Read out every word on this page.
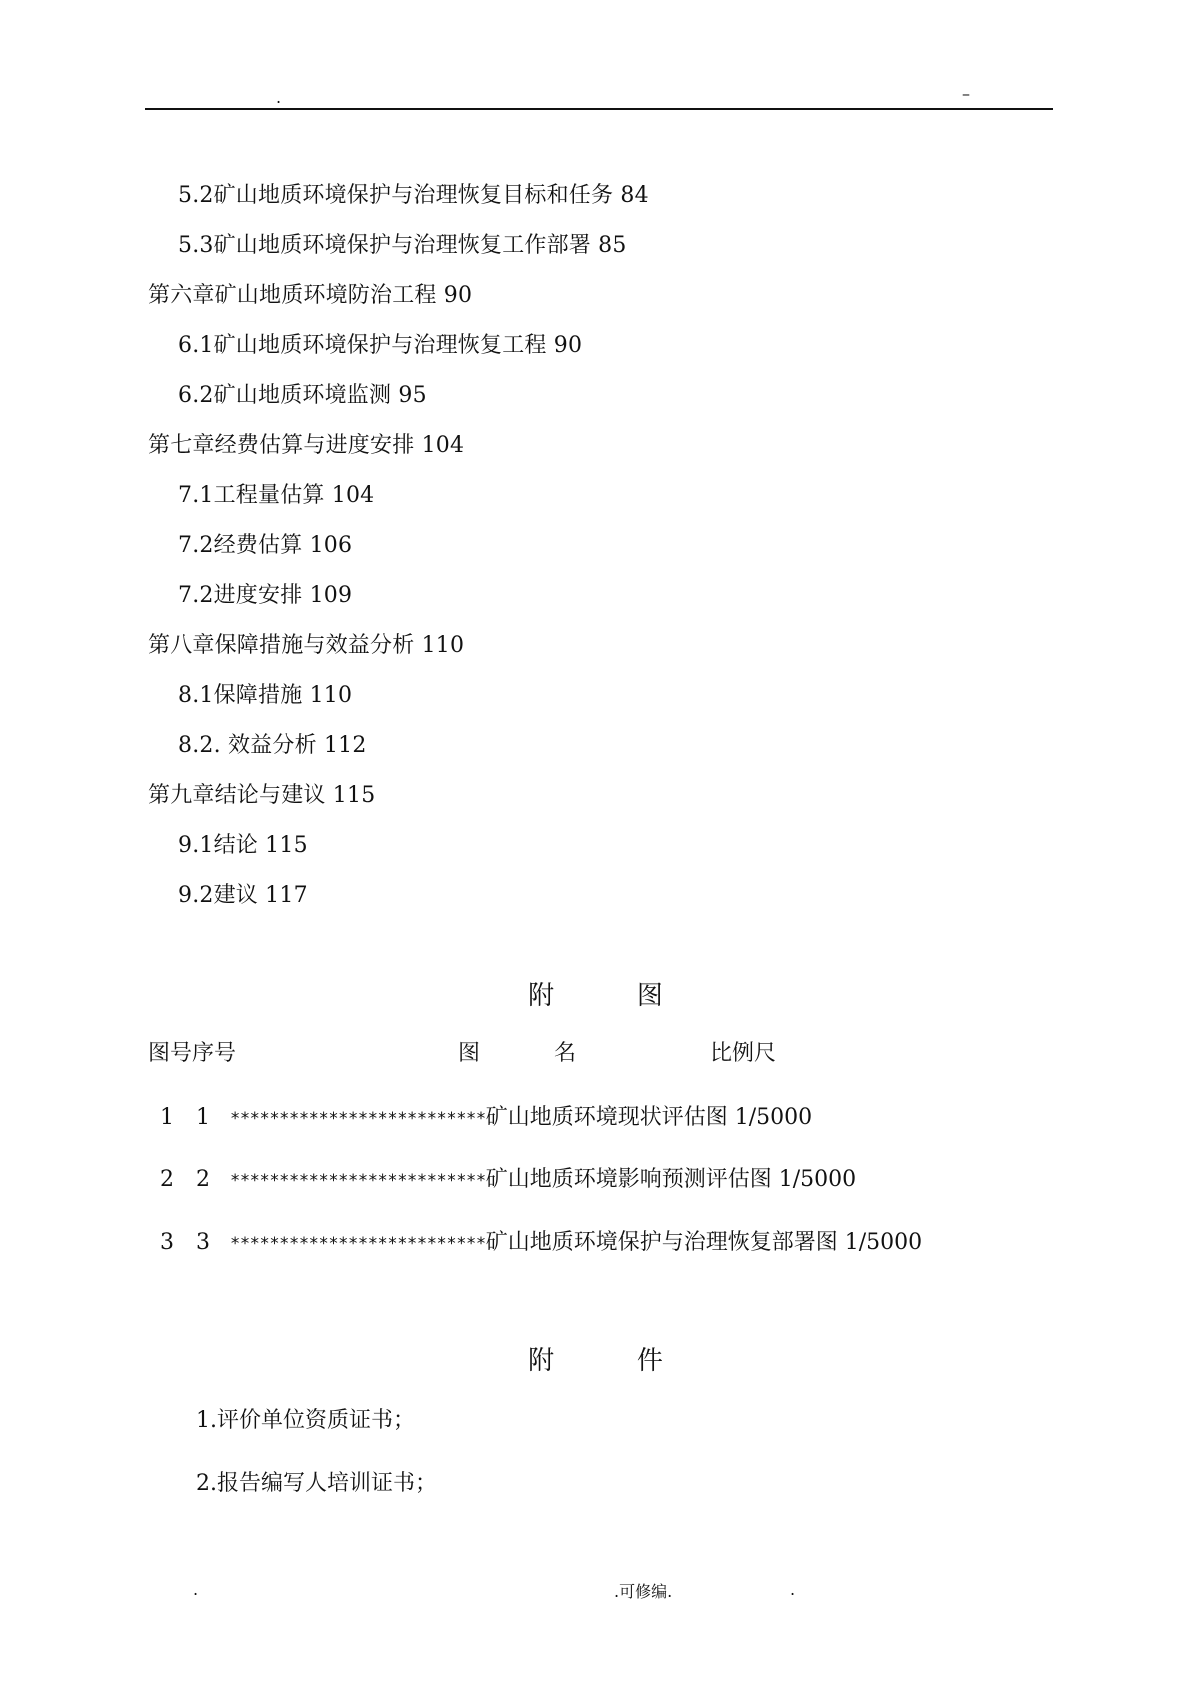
.	–
5.2矿山地质环境保护与治理恢复目标和任务 84
5.3矿山地质环境保护与治理恢复工作部署 85
第六章矿山地质环境防治工程 90
6.1矿山地质环境保护与治理恢复工程 90
6.2矿山地质环境监测 95
第七章经费估算与进度安排 104
7.1工程量估算 104
7.2经费估算 106
7.2进度安排 109
第八章保障措施与效益分析 110
8.1保障措施 110
8.2. 效益分析 112
第九章结论与建议 115
9.1结论 115
9.2建议 117
附          图
图号序号	图	名	比例尺
1 1 **************************矿山地质环境现状评估图 1/5000
2 2 **************************矿山地质环境影响预测评估图 1/5000
3 3 **************************矿山地质环境保护与治理恢复部署图 1/5000
附          件
1.评价单位资质证书；
2.报告编写人培训证书；
.	.可修编.	.
